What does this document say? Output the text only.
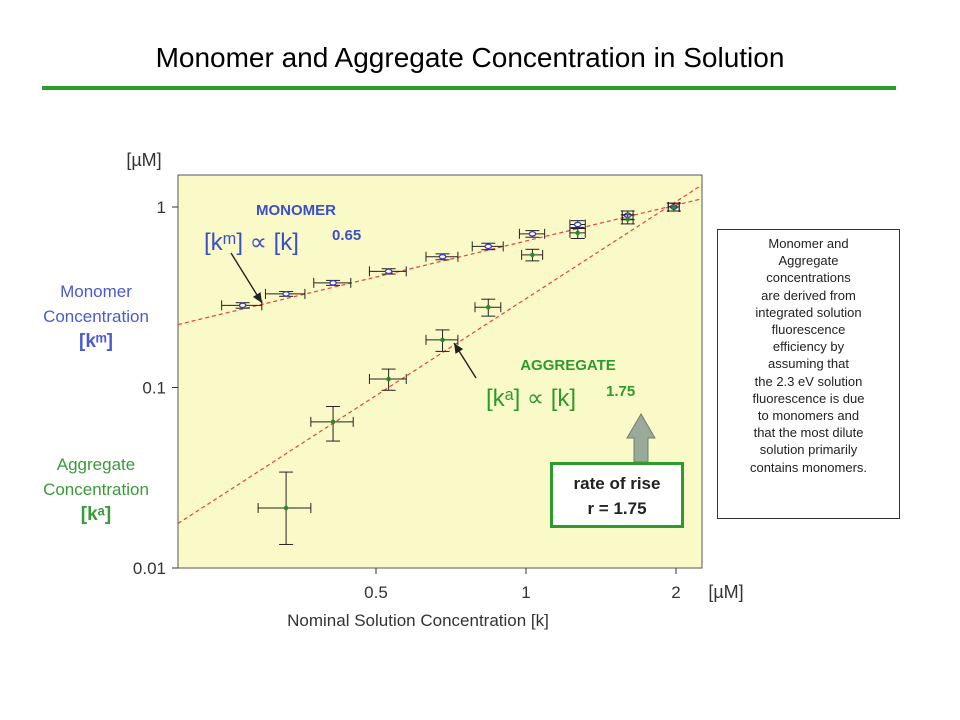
Monomer and Aggregate Concentration in Solution
1
0.1
0.01
0.5	1	2
[µM]
[µM]
Nominal Solution Concentration [k]
Monomer
Concentration
[kᵐ]
Aggregate
Concentration
[kᵃ]
MONOMER
[kᵐ] ∝ [k] 0.65
AGGREGATE
[kᵃ] ∝ [k] 1.75
Monomer and
Aggregate
concentrations
are derived from
integrated solution
fluorescence
efficiency by
assuming that
the 2.3 eV solution
fluorescence is due
to monomers and
that the most dilute
solution primarily
contains monomers.
rate of rise
r = 1.75
